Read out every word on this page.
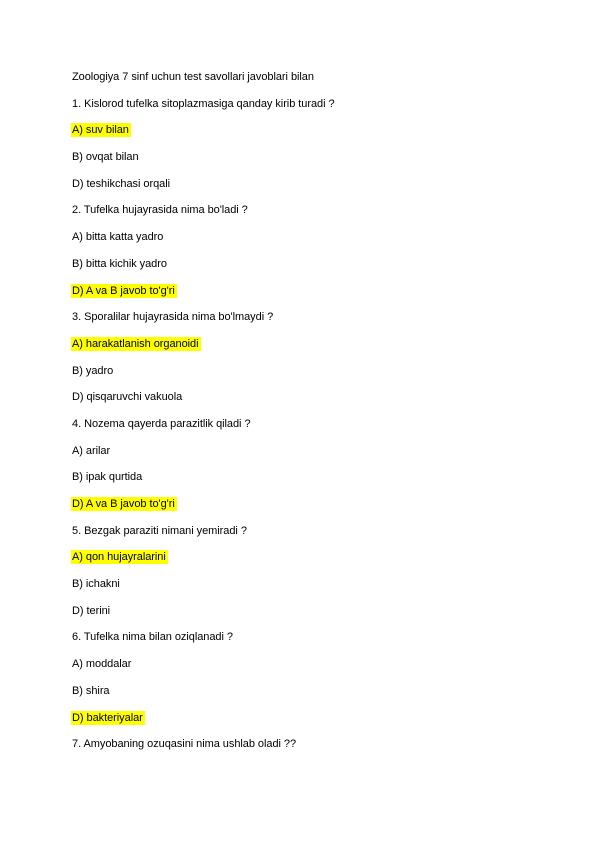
Zoologiya 7 sinf uchun test savollari javoblari bilan
1. Kislorod tufelka sitoplazmasiga qanday kirib turadi ?
A) suv bilan
B) ovqat bilan
D) teshikchasi orqali
2. Tufelka hujayrasida nima bo'ladi ?
A) bitta katta yadro
B) bitta kichik yadro
D) A va B javob to'g'ri
3. Sporalilar hujayrasida nima bo'lmaydi ?
A) harakatlanish organoidi
B) yadro
D) qisqaruvchi vakuola
4. Nozema qayerda parazitlik qiladi ?
A) arilar
B) ipak qurtida
D) A va B javob to'g'ri
5. Bezgak paraziti nimani yemiradi ?
A) qon hujayralarini
B) ichakni
D) terini
6. Tufelka nima bilan oziqlanadi ?
A) moddalar
B) shira
D) bakteriyalar
7. Amyobaning ozuqasini nima ushlab oladi ??
